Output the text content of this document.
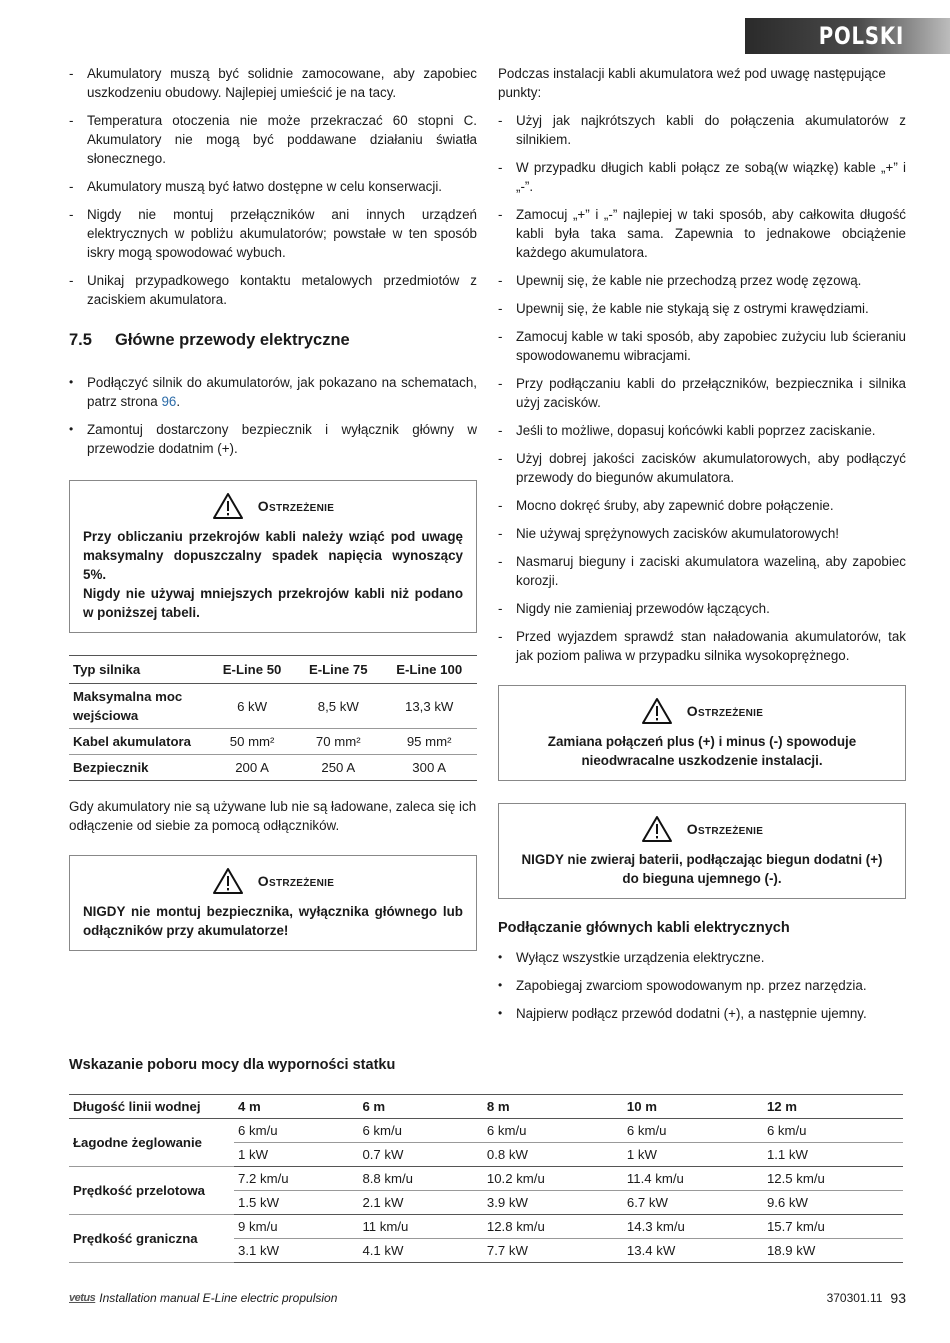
POLSKI
- Akumulatory muszą być solidnie zamocowane, aby zapobiec uszkodzeniu obudowy. Najlepiej umieścić je na tacy.
- Temperatura otoczenia nie może przekraczać 60 stopni C. Akumulatory nie mogą być poddawane działaniu światła słonecznego.
- Akumulatory muszą być łatwo dostępne w celu konserwacji.
- Nigdy nie montuj przełączników ani innych urządzeń elektrycznych w pobliżu akumulatorów; powstałe w ten sposób iskry mogą spowodować wybuch.
- Unikaj przypadkowego kontaktu metalowych przedmiotów z zaciskiem akumulatora.
7.5 Główne przewody elektryczne
• Podłączyć silnik do akumulatorów, jak pokazano na schematach, patrz strona 96.
• Zamontuj dostarczony bezpiecznik i wyłącznik główny w przewodzie dodatnim (+).
Ostrzeżenie

Przy obliczaniu przekrojów kabli należy wziąć pod uwagę maksymalny dopuszczalny spadek napięcia wynoszący 5%.

Nigdy nie używaj mniejszych przekrojów kabli niż podano w poniższej tabeli.

Typ silnika	E-Line 50	E-Line 75	E-Line 100
Maksymalna moc wejściowa	6 kW	8,5 kW	13,3 kW
Kabel akumulatora	50 mm²	70 mm²	95 mm²
Bezpiecznik	200 A	250 A	300 A

Gdy akumulatory nie są używane lub nie są ładowane, zaleca się ich odłączenie od siebie za pomocą odłączników.

Ostrzeżenie

NIGDY nie montuj bezpiecznika, wyłącznika głównego lub odłączników przy akumulatorze!

Podczas instalacji kabli akumulatora weź pod uwagę następujące punkty:

- Użyj jak najkrótszych kabli do połączenia akumulatorów z silnikiem.
- W przypadku długich kabli połącz ze sobą(w wiązkę) kable „+” i „-”.
- Zamocuj „+” i „-” najlepiej w taki sposób, aby całkowita długość kabli była taka sama. Zapewnia to jednakowe obciążenie każdego akumulatora.
- Upewnij się, że kable nie przechodzą przez wodę zęzową.
- Upewnij się, że kable nie stykają się z ostrymi krawędziami.
- Zamocuj kable w taki sposób, aby zapobiec zużyciu lub ścieraniu spowodowanemu wibracjami.
- Przy podłączaniu kabli do przełączników, bezpiecznika i silnika użyj zacisków.
- Jeśli to możliwe, dopasuj końcówki kabli poprzez zaciskanie.
- Użyj dobrej jakości zacisków akumulatorowych, aby podłączyć przewody do biegunów akumulatora.
- Mocno dokręć śruby, aby zapewnić dobre połączenie.
- Nie używaj sprężynowych zacisków akumulatorowych!
- Nasmaruj bieguny i zaciski akumulatora wazeliną, aby zapobiec korozji.
- Nigdy nie zamieniaj przewodów łączących.
- Przed wyjazdem sprawdź stan naładowania akumulatorów, tak jak poziom paliwa w przypadku silnika wysokoprężnego.
Ostrzeżenie

Zamiana połączeń plus (+) i minus (-) spowoduje nieodwracalne uszkodzenie instalacji.

Ostrzeżenie

NIGDY nie zwieraj baterii, podłączając biegun dodatni (+) do bieguna ujemnego (-).

Podłączanie głównych kabli elektrycznych
• Wyłącz wszystkie urządzenia elektryczne.
• Zapobiegaj zwarciom spowodowanym np. przez narzędzia.
• Najpierw podłącz przewód dodatni (+), a następnie ujemny.
Wskazanie poboru mocy dla wyporności statku
Długość linii wodnej	4 m	6 m	8 m	10 m	12 m
Łagodne żeglowanie	6 km/u	6 km/u	6 km/u	6 km/u	6 km/u
	1 kW	0.7 kW	0.8 kW	1 kW	1.1 kW
Prędkość przelotowa	7.2 km/u	8.8 km/u	10.2 km/u	11.4 km/u	12.5 km/u
	1.5 kW	2.1 kW	3.9 kW	6.7 kW	9.6 kW
Prędkość graniczna	9 km/u	11 km/u	12.8 km/u	14.3 km/u	15.7 km/u
	3.1 kW	4.1 kW	7.7 kW	13.4 kW	18.9 kW
vetus Installation manual E-Line electric propulsion	370301.11 93
